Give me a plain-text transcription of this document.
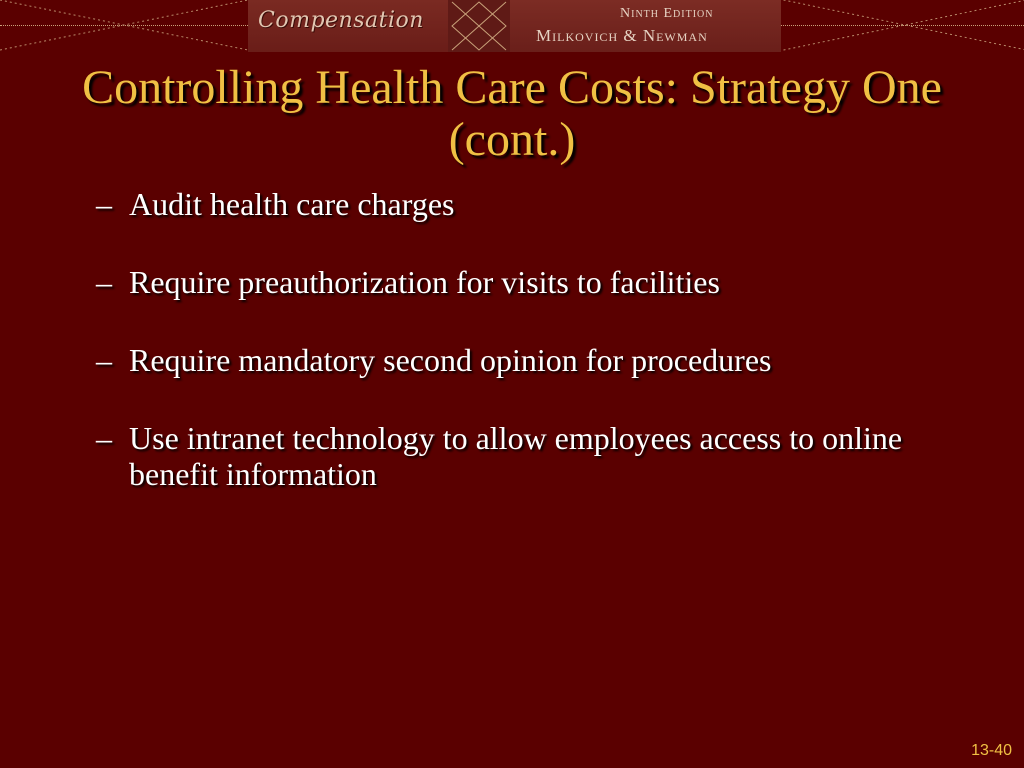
Compensation	Ninth Edition
Milkovich & Newman
Controlling Health Care Costs: Strategy One (cont.)
– Audit health care charges
– Require preauthorization for visits to facilities
– Require mandatory second opinion for procedures
– Use intranet technology to allow employees access to online benefit information
13-40
